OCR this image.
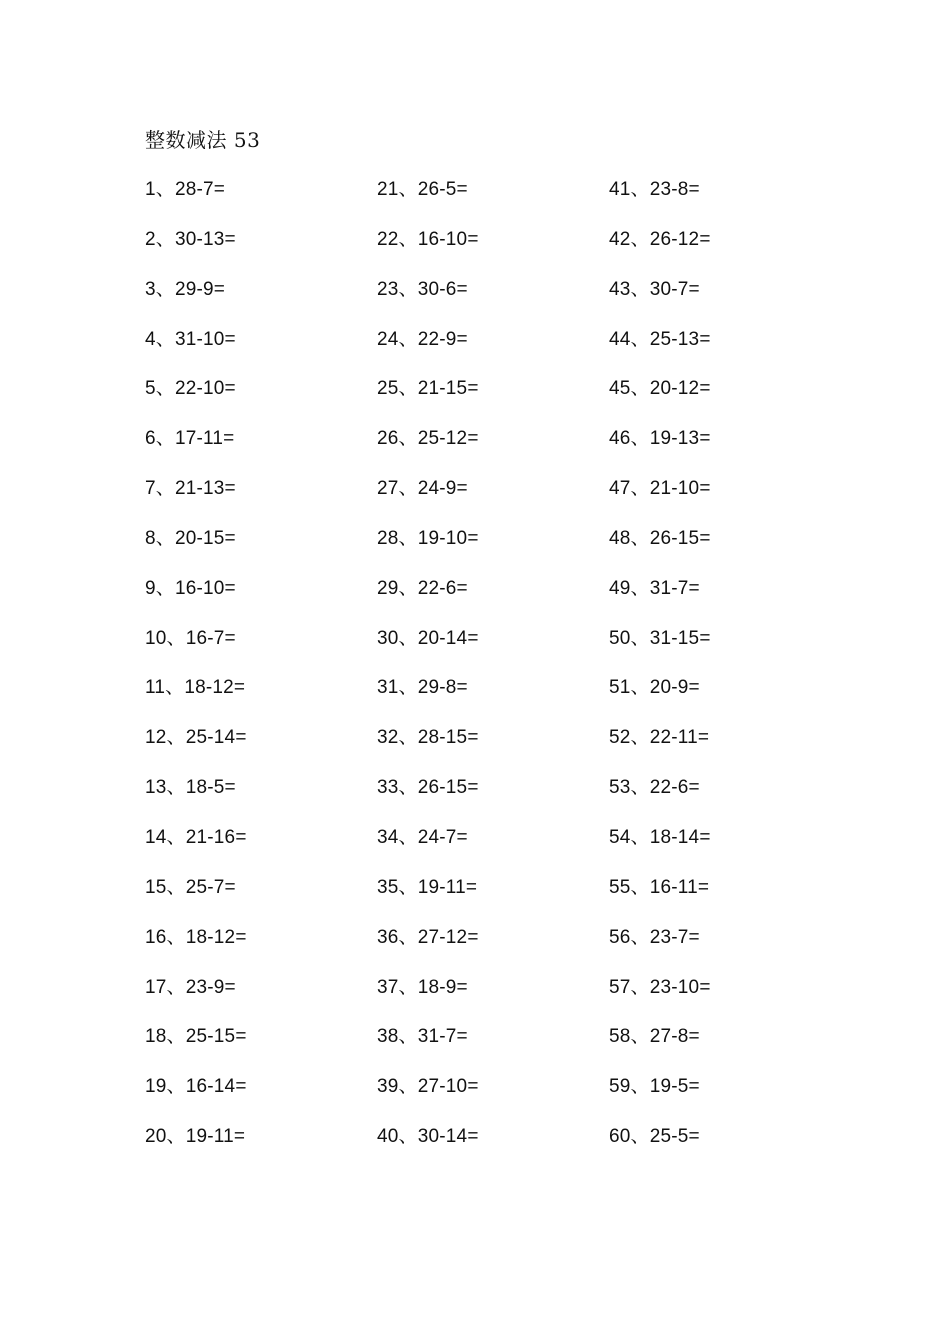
整数减法 53
1、28-7=	21、26-5=	41、23-8=
2、30-13=	22、16-10=	42、26-12=
3、29-9=	23、30-6=	43、30-7=
4、31-10=	24、22-9=	44、25-13=
5、22-10=	25、21-15=	45、20-12=
6、17-11=	26、25-12=	46、19-13=
7、21-13=	27、24-9=	47、21-10=
8、20-15=	28、19-10=	48、26-15=
9、16-10=	29、22-6=	49、31-7=
10、16-7=	30、20-14=	50、31-15=
11、18-12=	31、29-8=	51、20-9=
12、25-14=	32、28-15=	52、22-11=
13、18-5=	33、26-15=	53、22-6=
14、21-16=	34、24-7=	54、18-14=
15、25-7=	35、19-11=	55、16-11=
16、18-12=	36、27-12=	56、23-7=
17、23-9=	37、18-9=	57、23-10=
18、25-15=	38、31-7=	58、27-8=
19、16-14=	39、27-10=	59、19-5=
20、19-11=	40、30-14=	60、25-5=
